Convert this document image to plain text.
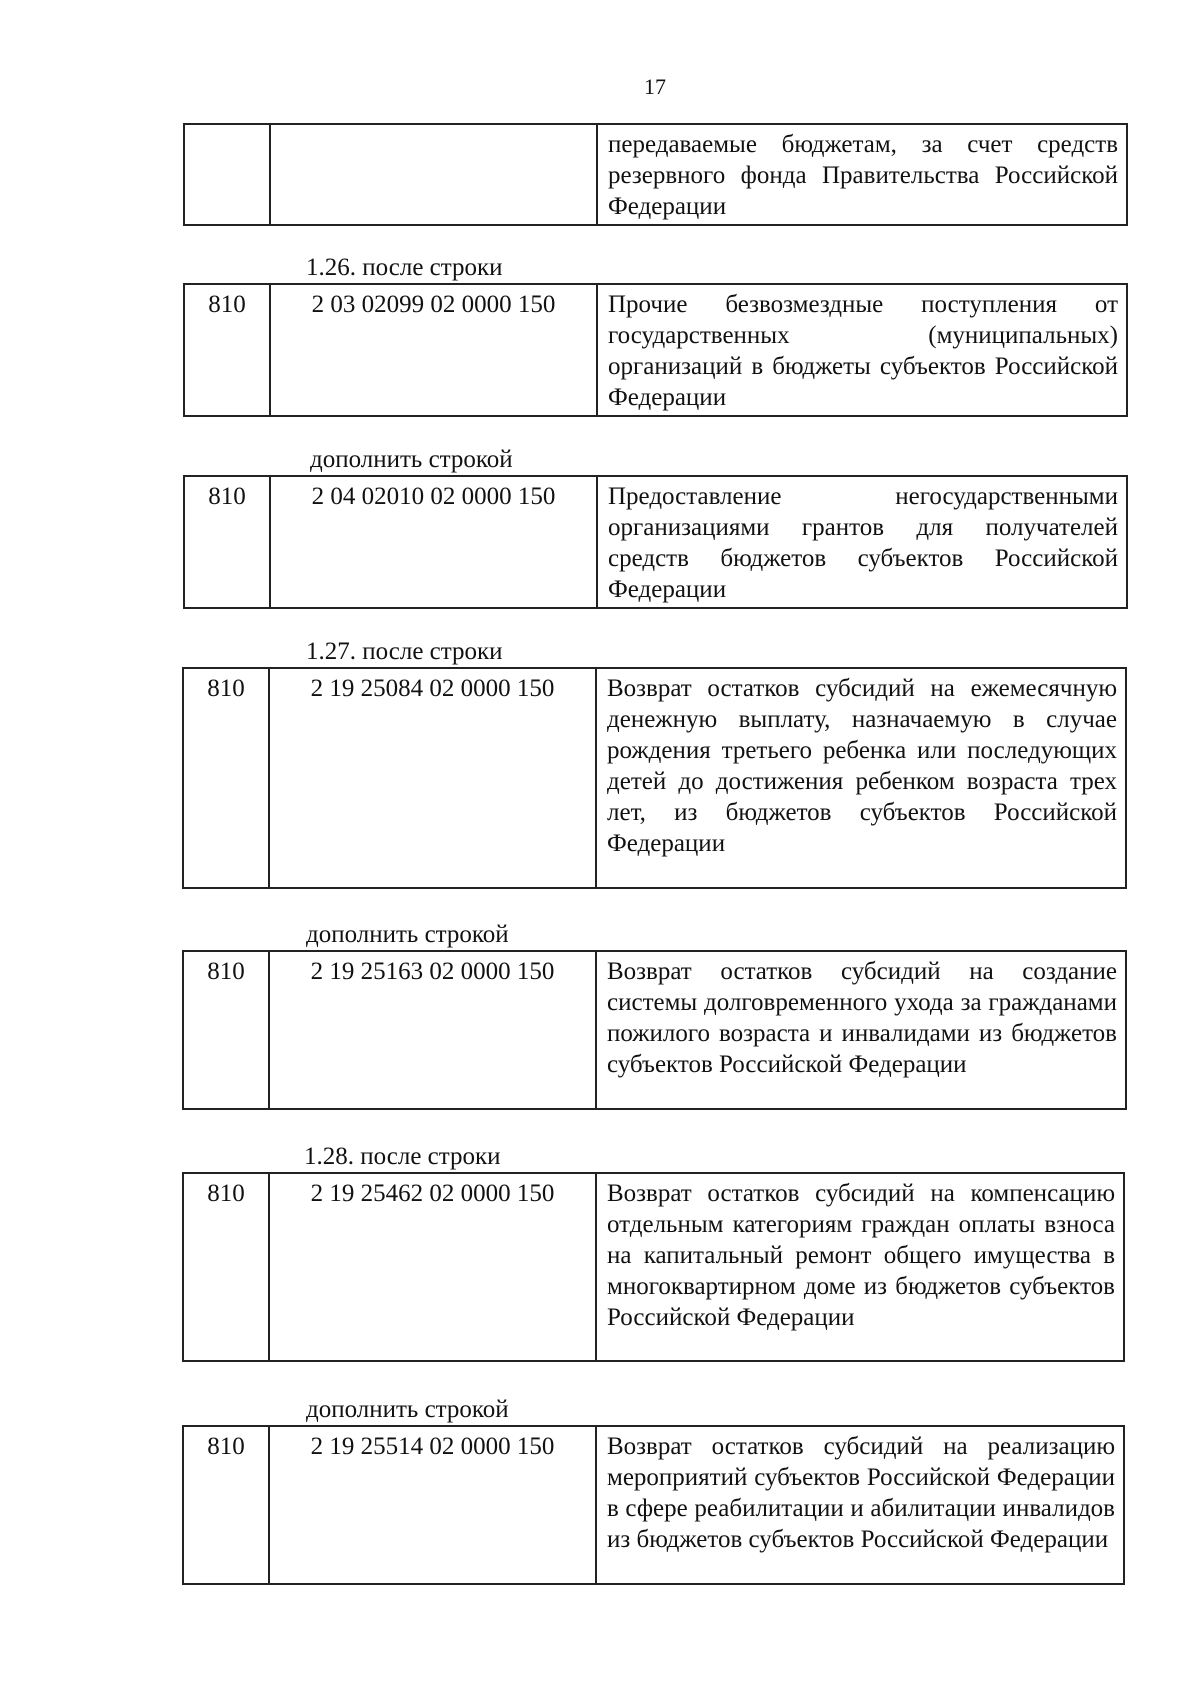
17

передаваемые бюджетам, за счет средств резервного фонда Правительства Российской Федерации
1.26. после строки
810	2 03 02099 02 0000 150	Прочие безвозмездные поступления от государственных (муниципальных) организаций в бюджеты субъектов Российской Федерации
дополнить строкой
810	2 04 02010 02 0000 150	Предоставление негосударственными организациями грантов для получателей средств бюджетов субъектов Российской Федерации
1.27. после строки
810	2 19 25084 02 0000 150	Возврат остатков субсидий на ежемесячную денежную выплату, назначаемую в случае рождения третьего ребенка или последующих детей до достижения ребенком возраста трех лет, из бюджетов субъектов Российской Федерации
дополнить строкой
810	2 19 25163 02 0000 150	Возврат остатков субсидий на создание системы долговременного ухода за гражданами пожилого возраста и инвалидами из бюджетов субъектов Российской Федерации
1.28. после строки
810	2 19 25462 02 0000 150	Возврат остатков субсидий на компенсацию отдельным категориям граждан оплаты взноса на капитальный ремонт общего имущества в многоквартирном доме из бюджетов субъектов Российской Федерации
дополнить строкой
810	2 19 25514 02 0000 150	Возврат остатков субсидий на реализацию мероприятий субъектов Российской Федерации в сфере реабилитации и абилитации инвалидов из бюджетов субъектов Российской Федерации
